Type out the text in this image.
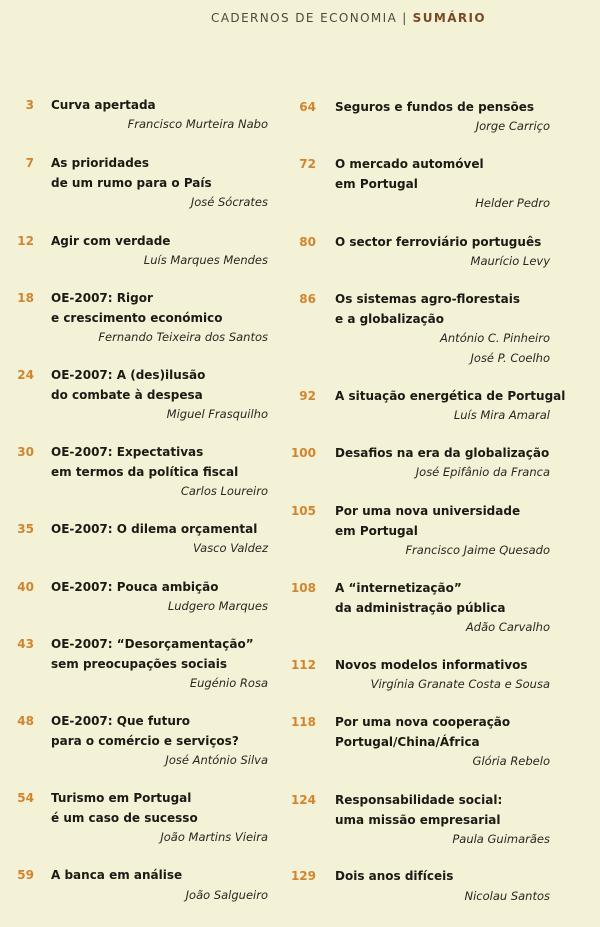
CADERNOS DE ECONOMIA | SUMÁRIO
3 Curva apertada
Francisco Murteira Nabo
7 As prioridades
de um rumo para o País
José Sócrates
12 Agir com verdade
Luís Marques Mendes
18 OE-2007: Rigor
e crescimento económico
Fernando Teixeira dos Santos
24 OE-2007: A (des)ilusão
do combate à despesa
Miguel Frasquilho
30 OE-2007: Expectativas
em termos da política fiscal
Carlos Loureiro
35 OE-2007: O dilema orçamental
Vasco Valdez
40 OE-2007: Pouca ambição
Ludgero Marques
43 OE-2007: “Desorçamentação”
sem preocupações sociais
Eugénio Rosa
48 OE-2007: Que futuro
para o comércio e serviços?
José António Silva
54 Turismo em Portugal
é um caso de sucesso
João Martins Vieira
59 A banca em análise
João Salgueiro
64 Seguros e fundos de pensões
Jorge Carriço
72 O mercado automóvel
em Portugal
Helder Pedro
80 O sector ferroviário português
Maurício Levy
86 Os sistemas agro-florestais
e a globalização
António C. Pinheiro
José P. Coelho
92 A situação energética de Portugal
Luís Mira Amaral
100 Desafios na era da globalização
José Epifânio da Franca
105 Por uma nova universidade
em Portugal
Francisco Jaime Quesado
108 A “internetização”
da administração pública
Adão Carvalho
112 Novos modelos informativos
Virgínia Granate Costa e Sousa
118 Por uma nova cooperação
Portugal/China/África
Glória Rebelo
124 Responsabilidade social:
uma missão empresarial
Paula Guimarães
129 Dois anos difíceis
Nicolau Santos
